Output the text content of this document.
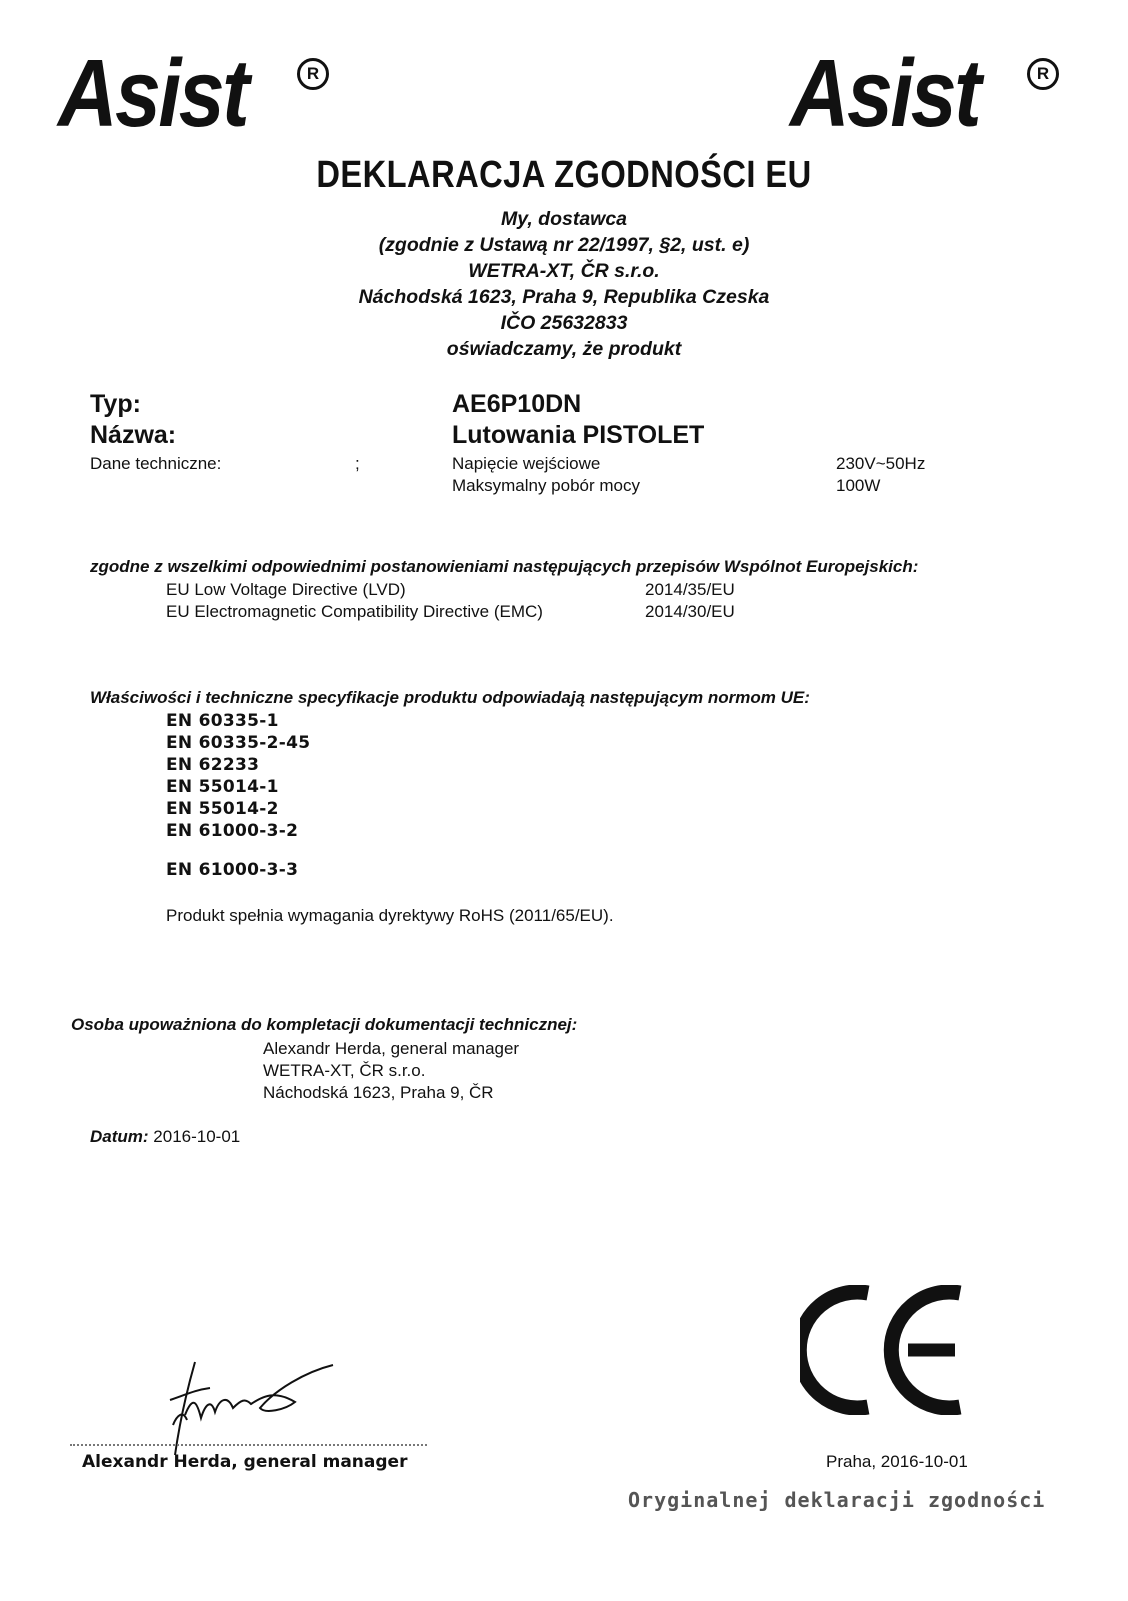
Asist	R	Asist	R
DEKLARACJA ZGODNOŚCI EU
My, dostawca
(zgodnie z Ustawą nr 22/1997, §2, ust. e)
WETRA-XT, ČR s.r.o.
Náchodská 1623, Praha 9, Republika Czeska
IČO 25632833
oświadczamy, że produkt
Typ:	AE6P10DN
Názwa:	Lutowania PISTOLET
Dane techniczne:	;	Napięcie wejściowe	230V~50Hz
Maksymalny pobór mocy	100W
zgodne z wszelkimi odpowiednimi postanowieniami następujących przepisów Wspólnot Europejskich:
EU Low Voltage Directive (LVD)	2014/35/EU
EU Electromagnetic Compatibility Directive (EMC)	2014/30/EU
Właściwości i techniczne specyfikacje produktu odpowiadają następującym normom UE:
EN 60335-1
EN 60335-2-45
EN 62233
EN 55014-1
EN 55014-2
EN 61000-3-2
EN 61000-3-3
Produkt spełnia wymagania dyrektywy RoHS (2011/65/EU).
Osoba upoważniona do kompletacji dokumentacji technicznej:
Alexandr Herda, general manager
WETRA-XT, ČR s.r.o.
Náchodská 1623, Praha 9, ČR
Datum: 2016-10-01
Alexandr Herda, general manager	Praha, 2016-10-01
Oryginalnej deklaracji zgodności
